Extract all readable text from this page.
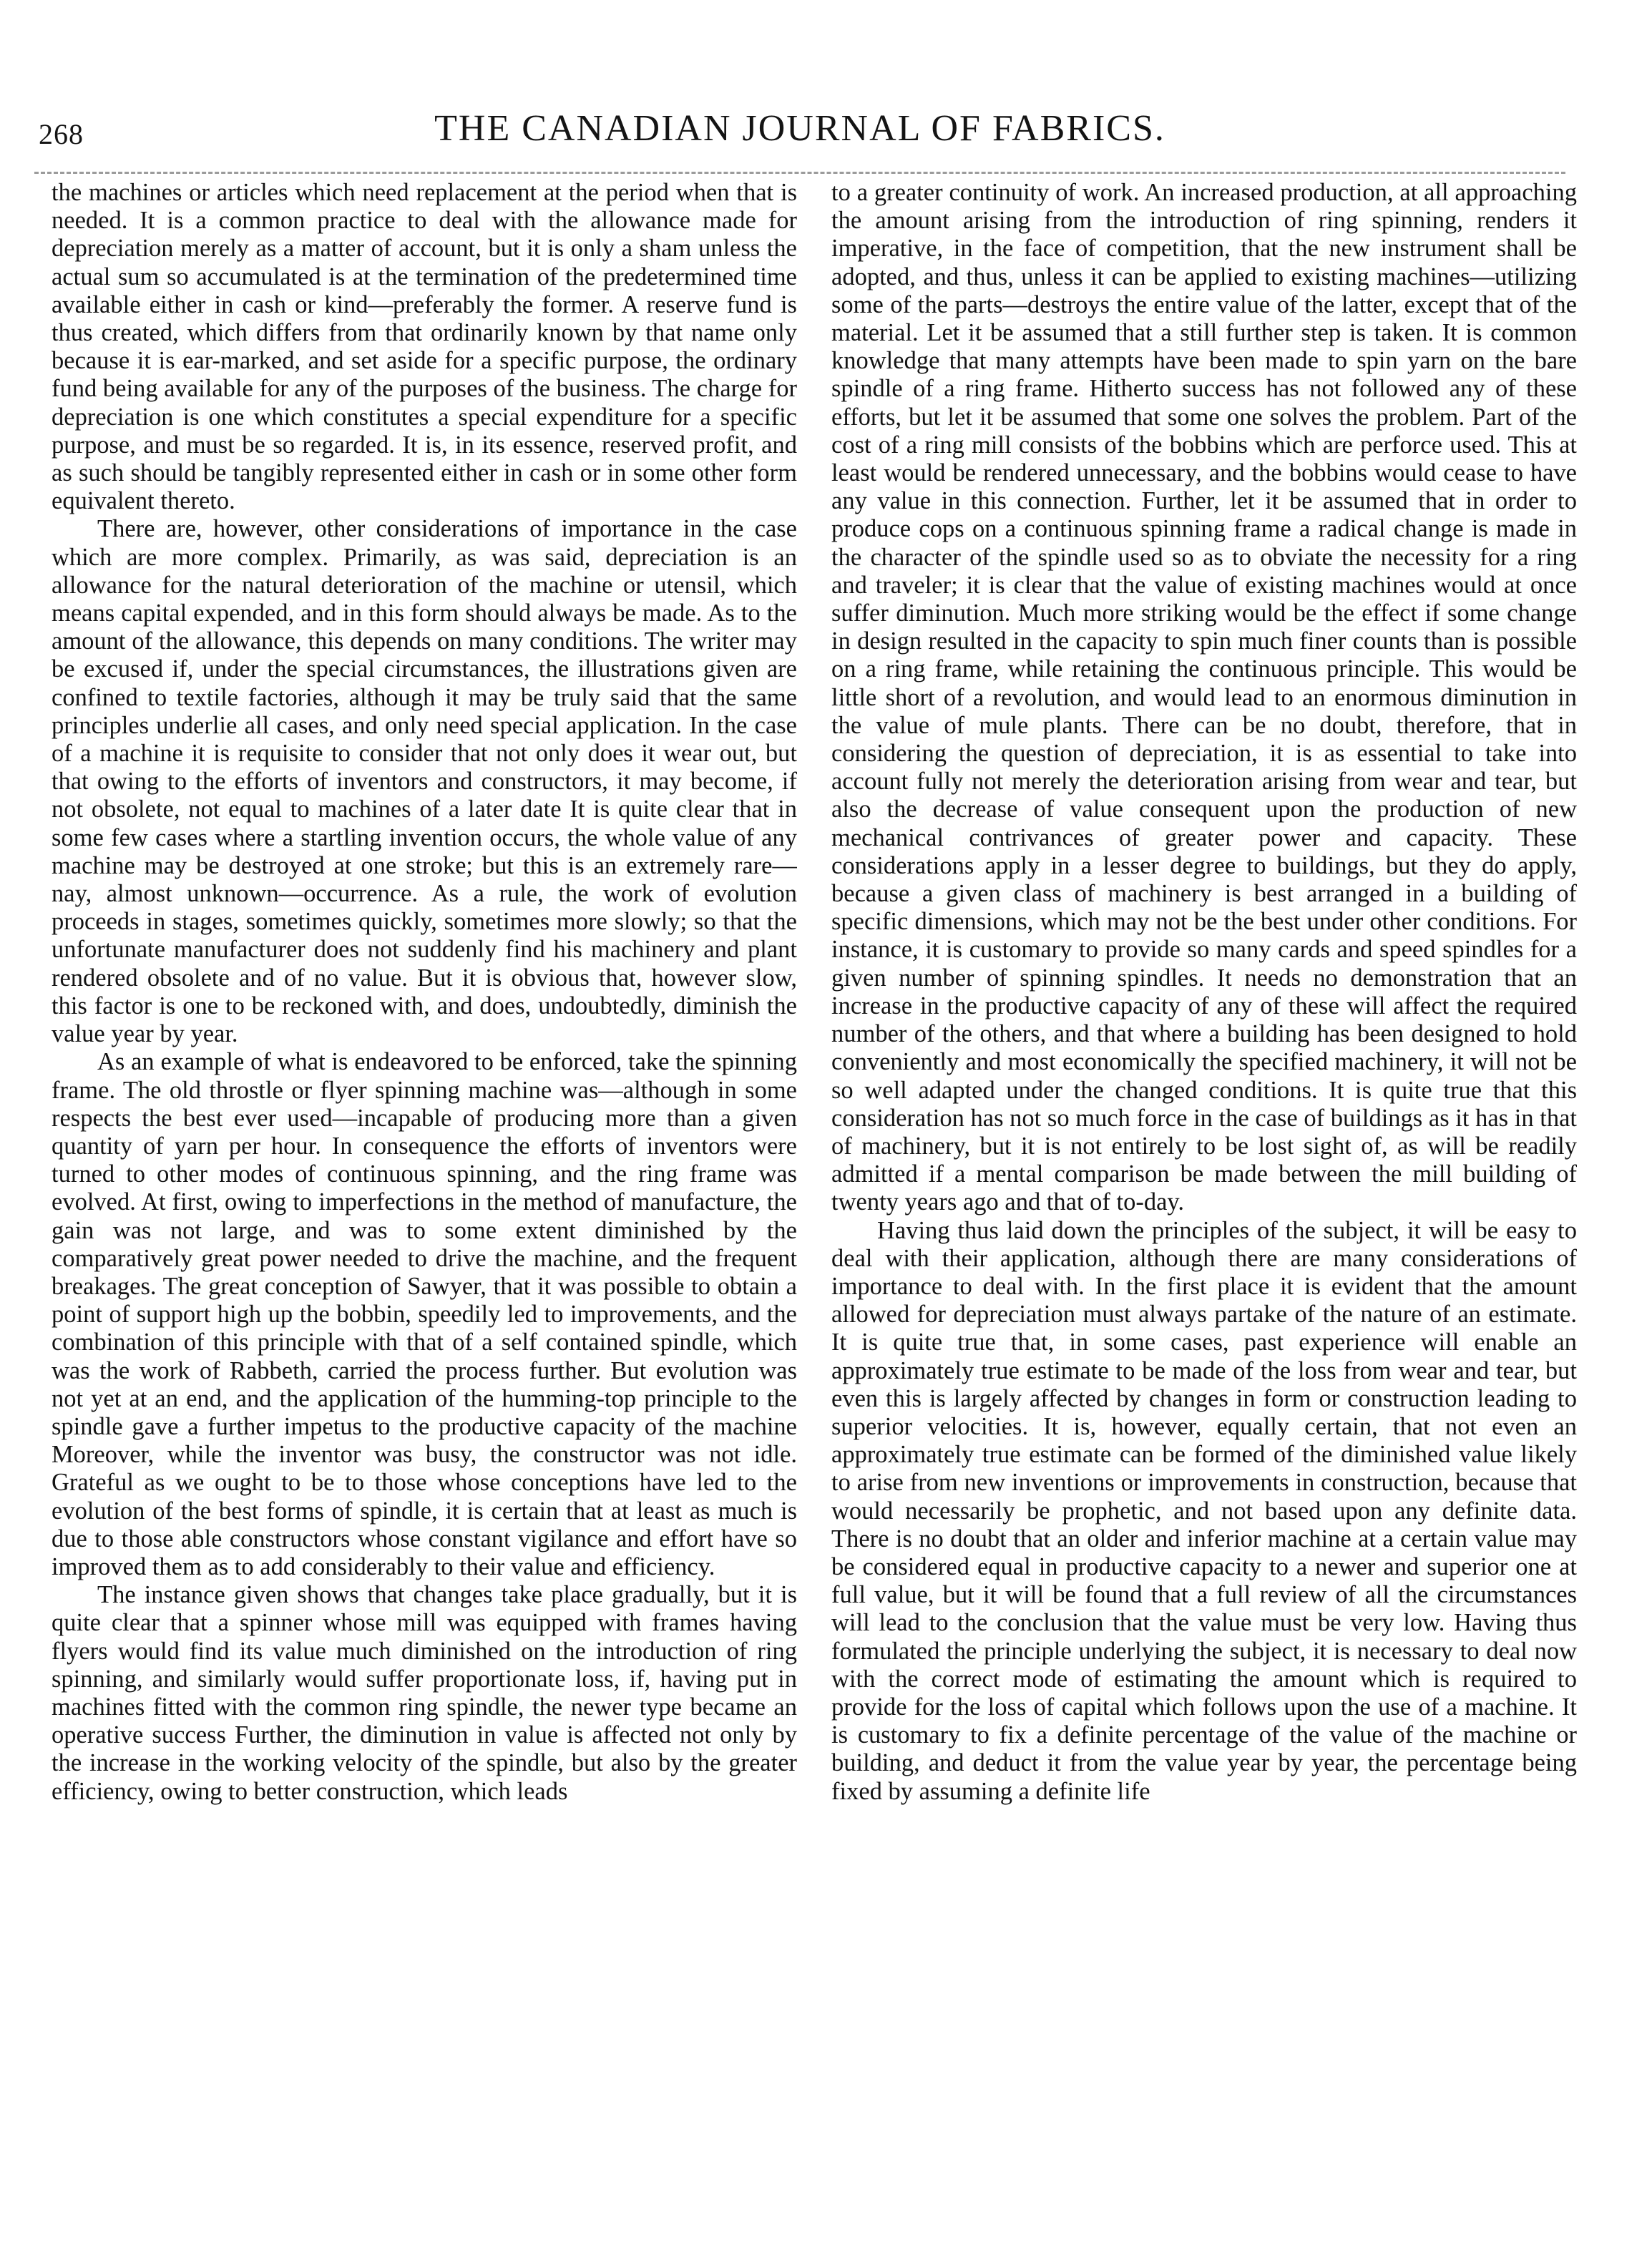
268	THE CANADIAN JOURNAL OF FABRICS.

the machines or articles which need replacement at the period when that is needed. It is a common practice to deal with the allowance made for depreciation merely as a matter of account, but it is only a sham unless the actual sum so accumulated is at the termination of the predetermined time available either in cash or kind—preferably the former. A reserve fund is thus created, which differs from that ordinarily known by that name only because it is ear-marked, and set aside for a specific purpose, the ordinary fund being available for any of the purposes of the business. The charge for depreciation is one which constitutes a special expenditure for a specific purpose, and must be so regarded. It is, in its essence, reserved profit, and as such should be tangibly represented either in cash or in some other form equivalent thereto.

There are, however, other considerations of importance in the case which are more complex. Primarily, as was said, depreciation is an allowance for the natural deterioration of the machine or utensil, which means capital expended, and in this form should always be made. As to the amount of the allowance, this depends on many conditions. The writer may be excused if, under the special circumstances, the illustrations given are confined to textile factories, although it may be truly said that the same principles underlie all cases, and only need special application. In the case of a machine it is requisite to consider that not only does it wear out, but that owing to the efforts of inventors and constructors, it may become, if not obsolete, not equal to machines of a later date It is quite clear that in some few cases where a startling invention occurs, the whole value of any machine may be destroyed at one stroke; but this is an extremely rare—nay, almost unknown—occurrence. As a rule, the work of evolution proceeds in stages, sometimes quickly, sometimes more slowly; so that the unfortunate manufacturer does not suddenly find his machinery and plant rendered obsolete and of no value. But it is obvious that, however slow, this factor is one to be reckoned with, and does, undoubtedly, diminish the value year by year.

As an example of what is endeavored to be enforced, take the spinning frame. The old throstle or flyer spinning machine was—although in some respects the best ever used—incapable of producing more than a given quantity of yarn per hour. In consequence the efforts of inventors were turned to other modes of continuous spinning, and the ring frame was evolved. At first, owing to imperfections in the method of manufacture, the gain was not large, and was to some extent diminished by the comparatively great power needed to drive the machine, and the frequent breakages. The great conception of Sawyer, that it was possible to obtain a point of support high up the bobbin, speedily led to improvements, and the combination of this principle with that of a self contained spindle, which was the work of Rabbeth, carried the process further. But evolution was not yet at an end, and the application of the humming-top principle to the spindle gave a further impetus to the productive capacity of the machine Moreover, while the inventor was busy, the constructor was not idle. Grateful as we ought to be to those whose conceptions have led to the evolution of the best forms of spindle, it is certain that at least as much is due to those able constructors whose constant vigilance and effort have so improved them as to add considerably to their value and efficiency.

The instance given shows that changes take place gradually, but it is quite clear that a spinner whose mill was equipped with frames having flyers would find its value much diminished on the introduction of ring spinning, and similarly would suffer proportionate loss, if, having put in machines fitted with the common ring spindle, the newer type became an operative success Further, the diminution in value is affected not only by the increase in the working velocity of the spindle, but also by the greater efficiency, owing to better construction, which leads

to a greater continuity of work. An increased production, at all approaching the amount arising from the introduction of ring spinning, renders it imperative, in the face of competition, that the new instrument shall be adopted, and thus, unless it can be applied to existing machines—utilizing some of the parts—destroys the entire value of the latter, except that of the material. Let it be assumed that a still further step is taken. It is common knowledge that many attempts have been made to spin yarn on the bare spindle of a ring frame. Hitherto success has not followed any of these efforts, but let it be assumed that some one solves the problem. Part of the cost of a ring mill consists of the bobbins which are perforce used. This at least would be rendered unnecessary, and the bobbins would cease to have any value in this connection. Further, let it be assumed that in order to produce cops on a continuous spinning frame a radical change is made in the character of the spindle used so as to obviate the necessity for a ring and traveler; it is clear that the value of existing machines would at once suffer diminution. Much more striking would be the effect if some change in design resulted in the capacity to spin much finer counts than is possible on a ring frame, while retaining the continuous principle. This would be little short of a revolution, and would lead to an enormous diminution in the value of mule plants. There can be no doubt, therefore, that in considering the question of depreciation, it is as essential to take into account fully not merely the deterioration arising from wear and tear, but also the decrease of value consequent upon the production of new mechanical contrivances of greater power and capacity. These considerations apply in a lesser degree to buildings, but they do apply, because a given class of machinery is best arranged in a building of specific dimensions, which may not be the best under other conditions. For instance, it is customary to provide so many cards and speed spindles for a given number of spinning spindles. It needs no demonstration that an increase in the productive capacity of any of these will affect the required number of the others, and that where a building has been designed to hold conveniently and most economically the specified machinery, it will not be so well adapted under the changed conditions. It is quite true that this consideration has not so much force in the case of buildings as it has in that of machinery, but it is not entirely to be lost sight of, as will be readily admitted if a mental comparison be made between the mill building of twenty years ago and that of to-day.

Having thus laid down the principles of the subject, it will be easy to deal with their application, although there are many considerations of importance to deal with. In the first place it is evident that the amount allowed for depreciation must always partake of the nature of an estimate. It is quite true that, in some cases, past experience will enable an approximately true estimate to be made of the loss from wear and tear, but even this is largely affected by changes in form or construction leading to superior velocities. It is, however, equally certain, that not even an approximately true estimate can be formed of the diminished value likely to arise from new inventions or improvements in construction, because that would necessarily be prophetic, and not based upon any definite data. There is no doubt that an older and inferior machine at a certain value may be considered equal in productive capacity to a newer and superior one at full value, but it will be found that a full review of all the circumstances will lead to the conclusion that the value must be very low. Having thus formulated the principle underlying the subject, it is necessary to deal now with the correct mode of estimating the amount which is required to provide for the loss of capital which follows upon the use of a machine. It is customary to fix a definite percentage of the value of the machine or building, and deduct it from the value year by year, the percentage being fixed by assuming a definite life
